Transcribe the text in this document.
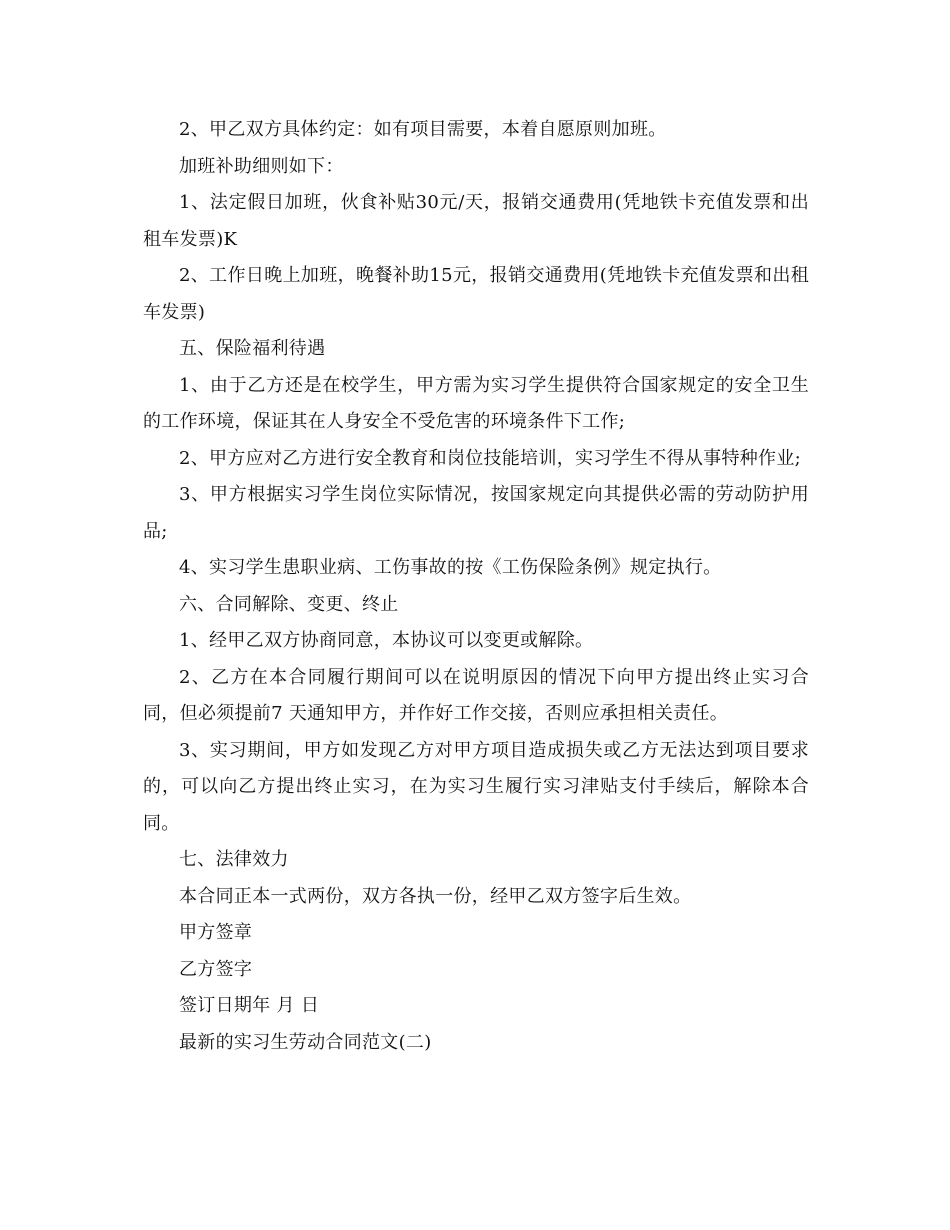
2、甲乙双方具体约定：如有项目需要，本着自愿原则加班。

加班补助细则如下：

1、法定假日加班，伙食补贴30元/天，报销交通费用(凭地铁卡充值发票和出租车发票)K

2、工作日晚上加班，晚餐补助15元，报销交通费用(凭地铁卡充值发票和出租车发票)

五、保险福利待遇

1、由于乙方还是在校学生，甲方需为实习学生提供符合国家规定的安全卫生的工作环境，保证其在人身安全不受危害的环境条件下工作;

2、甲方应对乙方进行安全教育和岗位技能培训，实习学生不得从事特种作业;

3、甲方根据实习学生岗位实际情况，按国家规定向其提供必需的劳动防护用品;

4、实习学生患职业病、工伤事故的按《工伤保险条例》规定执行。

六、合同解除、变更、终止

1、经甲乙双方协商同意，本协议可以变更或解除。

2、乙方在本合同履行期间可以在说明原因的情况下向甲方提出终止实习合同，但必须提前7 天通知甲方，并作好工作交接，否则应承担相关责任。

3、实习期间，甲方如发现乙方对甲方项目造成损失或乙方无法达到项目要求的，可以向乙方提出终止实习，在为实习生履行实习津贴支付手续后，解除本合同。

七、法律效力

本合同正本一式两份，双方各执一份，经甲乙双方签字后生效。

甲方签章

乙方签字

签订日期年 月 日

最新的实习生劳动合同范文(二)
